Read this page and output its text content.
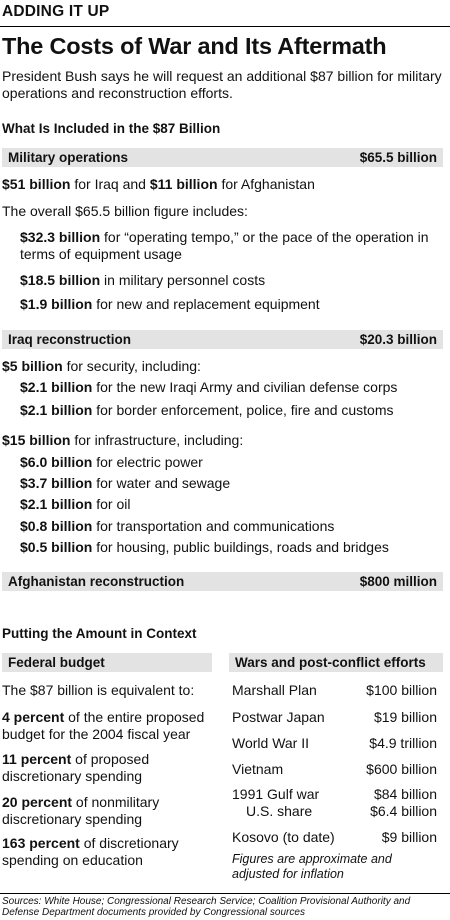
ADDING IT UP
The Costs of War and Its Aftermath
President Bush says he will request an additional $87 billion for military operations and reconstruction efforts.
What Is Included in the $87 Billion
Military operations	$65.5 billion
$51 billion for Iraq and $11 billion for Afghanistan
The overall $65.5 billion figure includes:
$32.3 billion for “operating tempo,” or the pace of the operation in
terms of equipment usage
$18.5 billion in military personnel costs
$1.9 billion for new and replacement equipment
Iraq reconstruction	$20.3 billion
$5 billion for security, including:
$2.1 billion for the new Iraqi Army and civilian defense corps
$2.1 billion for border enforcement, police, fire and customs
$15 billion for infrastructure, including:
$6.0 billion for electric power
$3.7 billion for water and sewage
$2.1 billion for oil
$0.8 billion for transportation and communications
$0.5 billion for housing, public buildings, roads and bridges
Afghanistan reconstruction	$800 million
Putting the Amount in Context
Federal budget	Wars and post-conflict efforts
The $87 billion is equivalent to:
4 percent of the entire proposed budget for the 2004 fiscal year
11 percent of proposed discretionary spending
20 percent of nonmilitary discretionary spending
163 percent of discretionary spending on education
Marshall Plan	$100 billion
Postwar Japan	$19 billion
World War II	$4.9 trillion
Vietnam	$600 billion
1991 Gulf war	$84 billion
U.S. share	$6.4 billion
Kosovo (to date)	$9 billion
Figures are approximate and adjusted for inflation
Sources: White House; Congressional Research Service; Coalition Provisional Authority and Defense Department documents provided by Congressional sources
